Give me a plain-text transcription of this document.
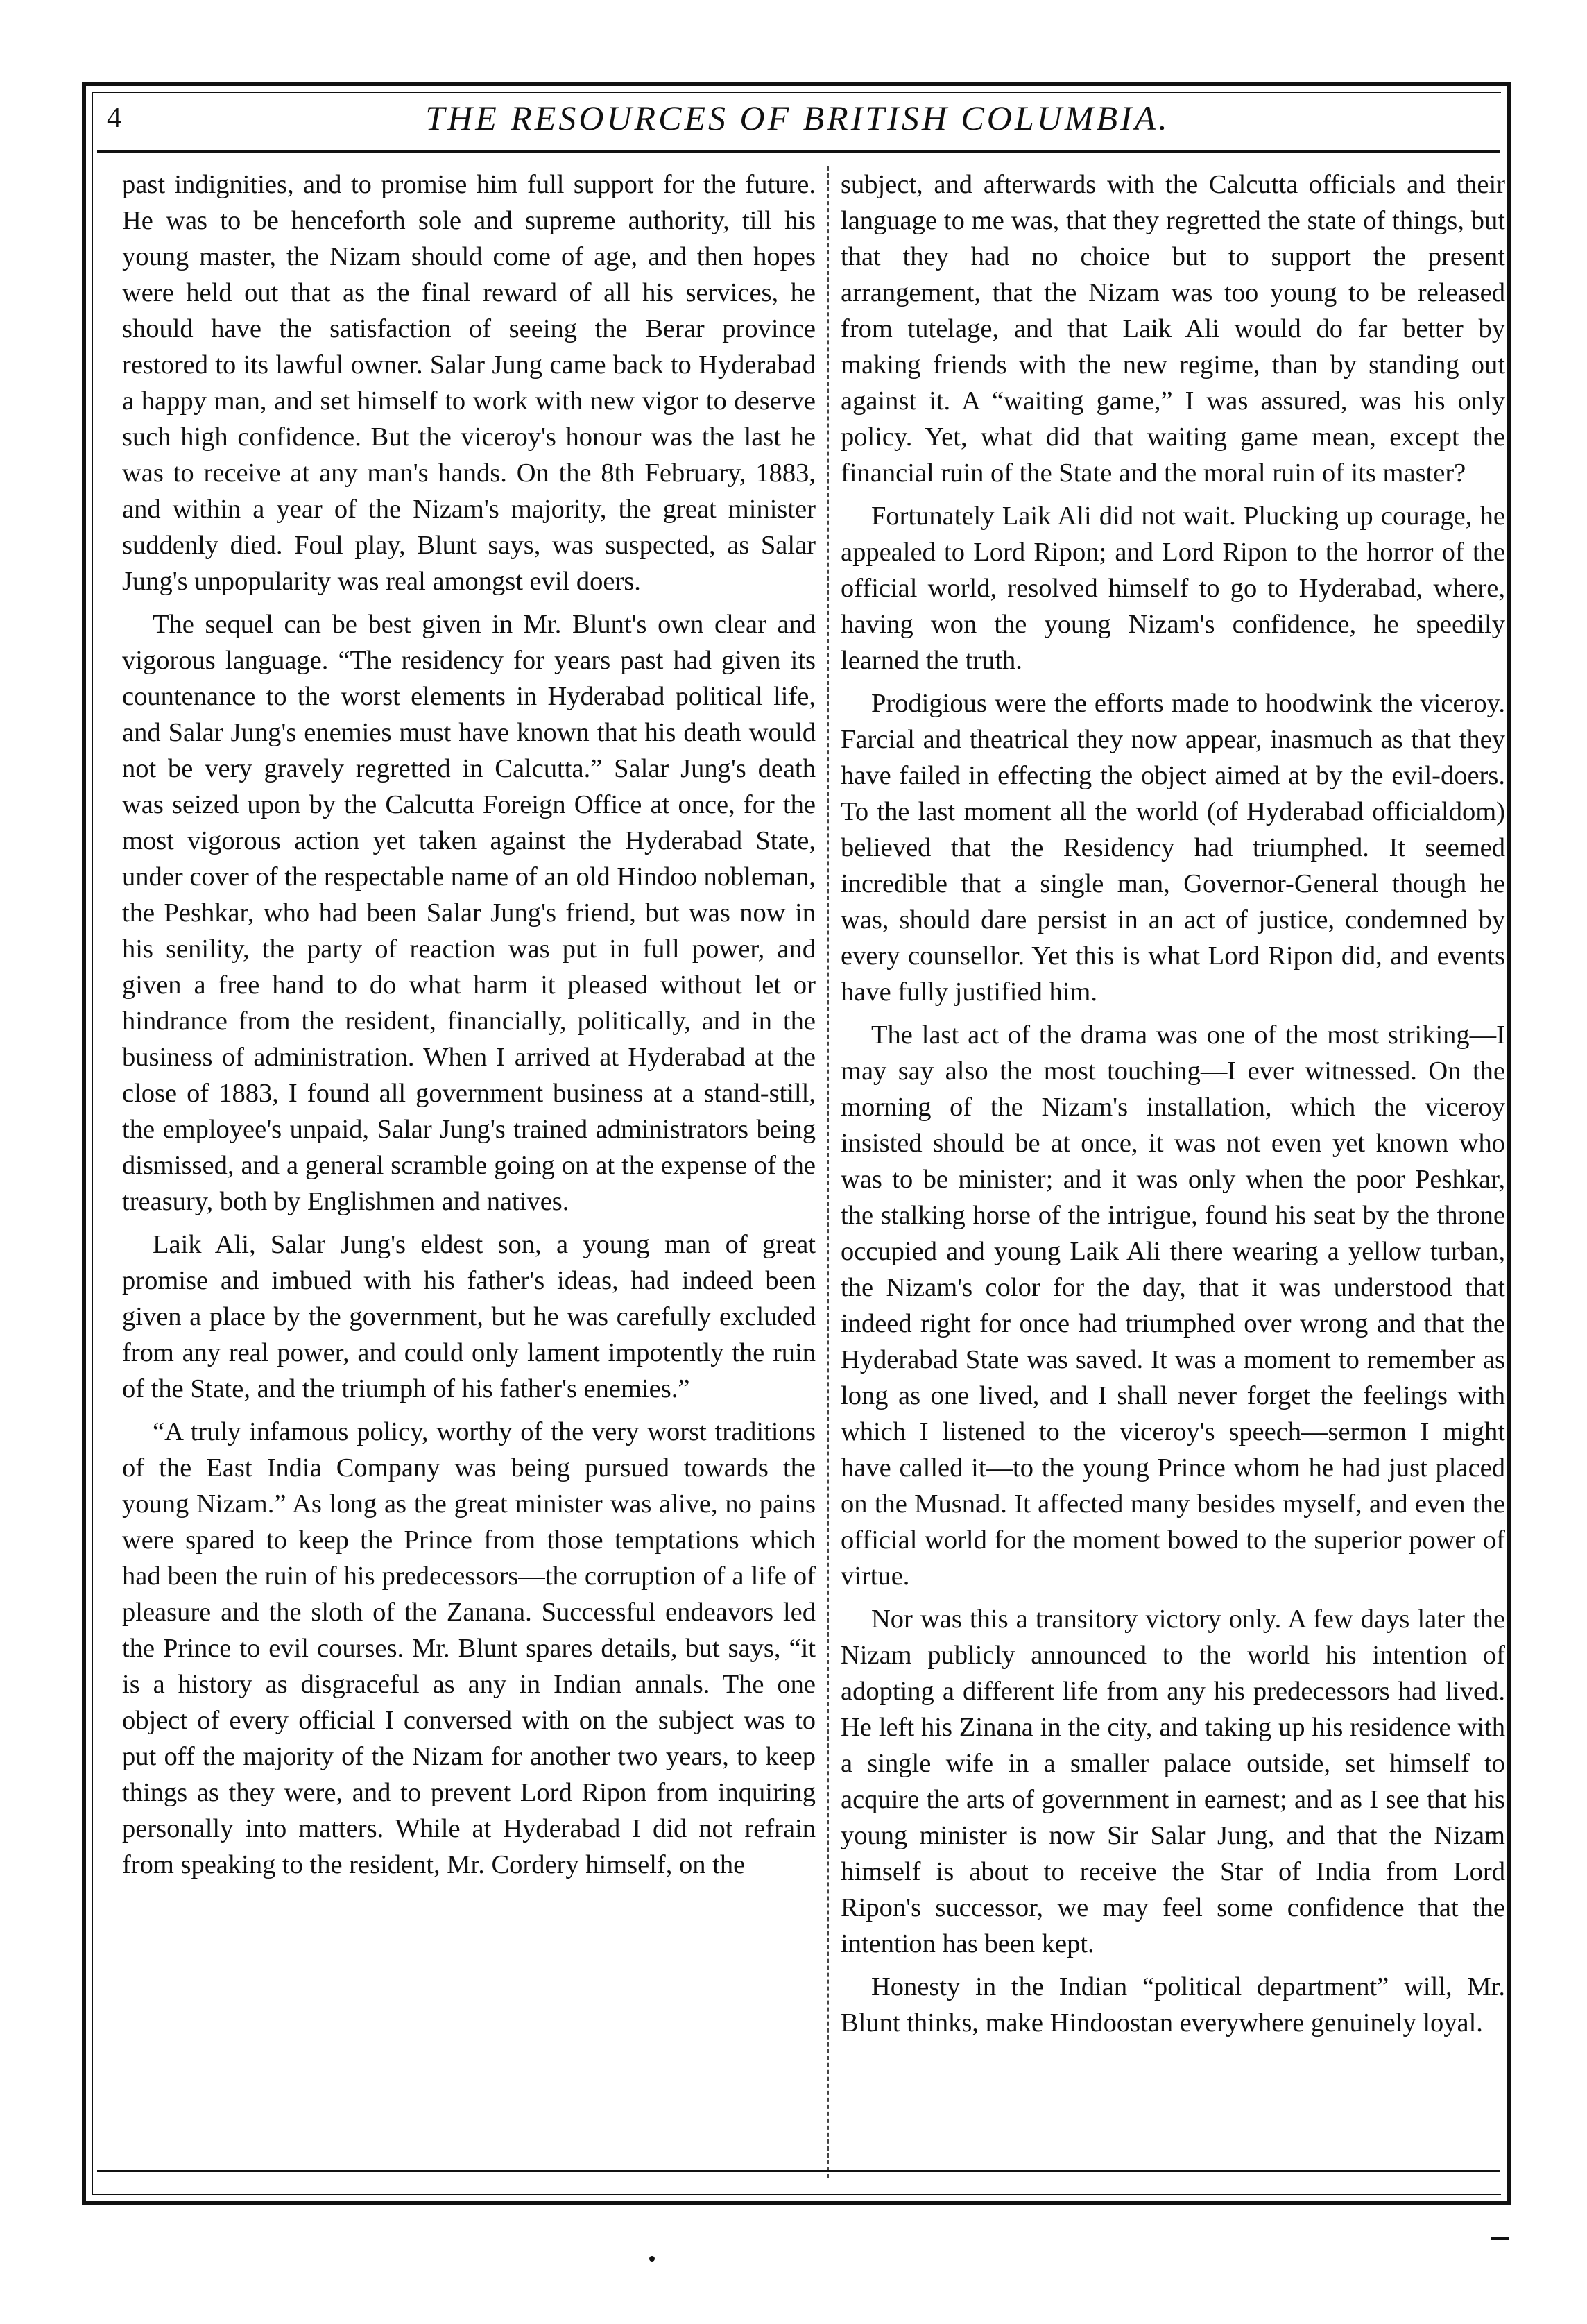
4	THE RESOURCES OF BRITISH COLUMBIA.

past indignities, and to promise him full support for the future. He was to be henceforth sole and supreme authority, till his young master, the Nizam should come of age, and then hopes were held out that as the final reward of all his services, he should have the satisfaction of seeing the Berar province restored to its lawful owner. Salar Jung came back to Hyderabad a happy man, and set himself to work with new vigor to deserve such high confidence. But the viceroy's honour was the last he was to receive at any man's hands. On the 8th February, 1883, and within a year of the Nizam's majority, the great minister suddenly died. Foul play, Blunt says, was suspected, as Salar Jung's unpopularity was real amongst evil doers.

The sequel can be best given in Mr. Blunt's own clear and vigorous language. “The residency for years past had given its countenance to the worst elements in Hyderabad political life, and Salar Jung's enemies must have known that his death would not be very gravely regretted in Calcutta.” Salar Jung's death was seized upon by the Calcutta Foreign Office at once, for the most vigorous action yet taken against the Hyderabad State, under cover of the respectable name of an old Hindoo nobleman, the Peshkar, who had been Salar Jung's friend, but was now in his senility, the party of reaction was put in full power, and given a free hand to do what harm it pleased without let or hindrance from the resident, financially, politically, and in the business of administration. When I arrived at Hyderabad at the close of 1883, I found all government business at a stand-still, the employee's unpaid, Salar Jung's trained administrators being dismissed, and a general scramble going on at the expense of the treasury, both by Englishmen and natives.

Laik Ali, Salar Jung's eldest son, a young man of great promise and imbued with his father's ideas, had indeed been given a place by the government, but he was carefully excluded from any real power, and could only lament impotently the ruin of the State, and the triumph of his father's enemies.”

“A truly infamous policy, worthy of the very worst traditions of the East India Company was being pursued towards the young Nizam.” As long as the great minister was alive, no pains were spared to keep the Prince from those temptations which had been the ruin of his predecessors—the corruption of a life of pleasure and the sloth of the Zanana. Successful endeavors led the Prince to evil courses. Mr. Blunt spares details, but says, “it is a history as disgraceful as any in Indian annals. The one object of every official I conversed with on the subject was to put off the majority of the Nizam for another two years, to keep things as they were, and to prevent Lord Ripon from inquiring personally into matters. While at Hyderabad I did not refrain from speaking to the resident, Mr. Cordery himself, on the

subject, and afterwards with the Calcutta officials and their language to me was, that they regretted the state of things, but that they had no choice but to support the present arrangement, that the Nizam was too young to be released from tutelage, and that Laik Ali would do far better by making friends with the new regime, than by standing out against it. A “waiting game,” I was assured, was his only policy. Yet, what did that waiting game mean, except the financial ruin of the State and the moral ruin of its master?

Fortunately Laik Ali did not wait. Plucking up courage, he appealed to Lord Ripon; and Lord Ripon to the horror of the official world, resolved himself to go to Hyderabad, where, having won the young Nizam's confidence, he speedily learned the truth.

Prodigious were the efforts made to hoodwink the viceroy. Farcial and theatrical they now appear, inasmuch as that they have failed in effecting the object aimed at by the evil-doers. To the last moment all the world (of Hyderabad officialdom) believed that the Residency had triumphed. It seemed incredible that a single man, Governor-General though he was, should dare persist in an act of justice, condemned by every counsellor. Yet this is what Lord Ripon did, and events have fully justified him.

The last act of the drama was one of the most striking—I may say also the most touching—I ever witnessed. On the morning of the Nizam's installation, which the viceroy insisted should be at once, it was not even yet known who was to be minister; and it was only when the poor Peshkar, the stalking horse of the intrigue, found his seat by the throne occupied and young Laik Ali there wearing a yellow turban, the Nizam's color for the day, that it was understood that indeed right for once had triumphed over wrong and that the Hyderabad State was saved. It was a moment to remember as long as one lived, and I shall never forget the feelings with which I listened to the viceroy's speech—sermon I might have called it—to the young Prince whom he had just placed on the Musnad. It affected many besides myself, and even the official world for the moment bowed to the superior power of virtue.

Nor was this a transitory victory only. A few days later the Nizam publicly announced to the world his intention of adopting a different life from any his predecessors had lived. He left his Zinana in the city, and taking up his residence with a single wife in a smaller palace outside, set himself to acquire the arts of government in earnest; and as I see that his young minister is now Sir Salar Jung, and that the Nizam himself is about to receive the Star of India from Lord Ripon's successor, we may feel some confidence that the intention has been kept.

Honesty in the Indian “political department” will, Mr. Blunt thinks, make Hindoostan everywhere genuinely loyal.
